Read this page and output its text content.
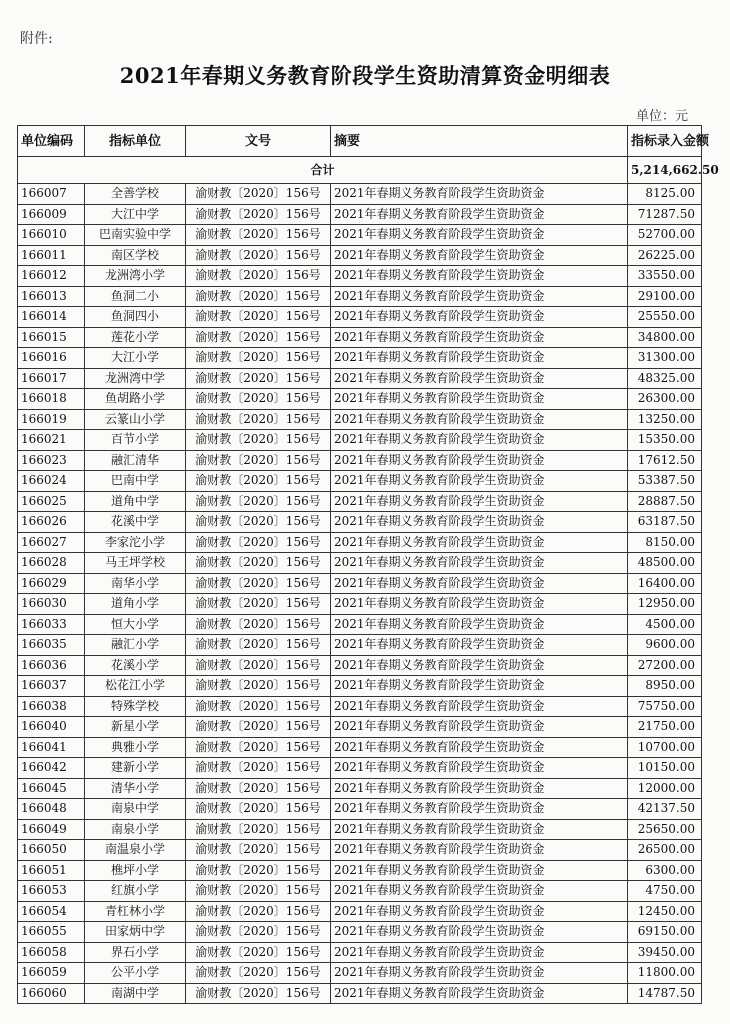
附件:
2021年春期义务教育阶段学生资助清算资金明细表
单位：元
单位编码	指标单位	文号	摘要	指标录入金额
合计				5,214,662.50
166007	全善学校	渝财教〔2020〕156号	2021年春期义务教育阶段学生资助资金	8125.00
166009	大江中学	渝财教〔2020〕156号	2021年春期义务教育阶段学生资助资金	71287.50
166010	巴南实验中学	渝财教〔2020〕156号	2021年春期义务教育阶段学生资助资金	52700.00
166011	南区学校	渝财教〔2020〕156号	2021年春期义务教育阶段学生资助资金	26225.00
166012	龙洲湾小学	渝财教〔2020〕156号	2021年春期义务教育阶段学生资助资金	33550.00
166013	鱼洞二小	渝财教〔2020〕156号	2021年春期义务教育阶段学生资助资金	29100.00
166014	鱼洞四小	渝财教〔2020〕156号	2021年春期义务教育阶段学生资助资金	25550.00
166015	莲花小学	渝财教〔2020〕156号	2021年春期义务教育阶段学生资助资金	34800.00
166016	大江小学	渝财教〔2020〕156号	2021年春期义务教育阶段学生资助资金	31300.00
166017	龙洲湾中学	渝财教〔2020〕156号	2021年春期义务教育阶段学生资助资金	48325.00
166018	鱼胡路小学	渝财教〔2020〕156号	2021年春期义务教育阶段学生资助资金	26300.00
166019	云篆山小学	渝财教〔2020〕156号	2021年春期义务教育阶段学生资助资金	13250.00
166021	百节小学	渝财教〔2020〕156号	2021年春期义务教育阶段学生资助资金	15350.00
166023	融汇清华	渝财教〔2020〕156号	2021年春期义务教育阶段学生资助资金	17612.50
166024	巴南中学	渝财教〔2020〕156号	2021年春期义务教育阶段学生资助资金	53387.50
166025	道角中学	渝财教〔2020〕156号	2021年春期义务教育阶段学生资助资金	28887.50
166026	花溪中学	渝财教〔2020〕156号	2021年春期义务教育阶段学生资助资金	63187.50
166027	李家沱小学	渝财教〔2020〕156号	2021年春期义务教育阶段学生资助资金	8150.00
166028	马王坪学校	渝财教〔2020〕156号	2021年春期义务教育阶段学生资助资金	48500.00
166029	南华小学	渝财教〔2020〕156号	2021年春期义务教育阶段学生资助资金	16400.00
166030	道角小学	渝财教〔2020〕156号	2021年春期义务教育阶段学生资助资金	12950.00
166033	恒大小学	渝财教〔2020〕156号	2021年春期义务教育阶段学生资助资金	4500.00
166035	融汇小学	渝财教〔2020〕156号	2021年春期义务教育阶段学生资助资金	9600.00
166036	花溪小学	渝财教〔2020〕156号	2021年春期义务教育阶段学生资助资金	27200.00
166037	松花江小学	渝财教〔2020〕156号	2021年春期义务教育阶段学生资助资金	8950.00
166038	特殊学校	渝财教〔2020〕156号	2021年春期义务教育阶段学生资助资金	75750.00
166040	新星小学	渝财教〔2020〕156号	2021年春期义务教育阶段学生资助资金	21750.00
166041	典雅小学	渝财教〔2020〕156号	2021年春期义务教育阶段学生资助资金	10700.00
166042	建新小学	渝财教〔2020〕156号	2021年春期义务教育阶段学生资助资金	10150.00
166045	清华小学	渝财教〔2020〕156号	2021年春期义务教育阶段学生资助资金	12000.00
166048	南泉中学	渝财教〔2020〕156号	2021年春期义务教育阶段学生资助资金	42137.50
166049	南泉小学	渝财教〔2020〕156号	2021年春期义务教育阶段学生资助资金	25650.00
166050	南温泉小学	渝财教〔2020〕156号	2021年春期义务教育阶段学生资助资金	26500.00
166051	樵坪小学	渝财教〔2020〕156号	2021年春期义务教育阶段学生资助资金	6300.00
166053	红旗小学	渝财教〔2020〕156号	2021年春期义务教育阶段学生资助资金	4750.00
166054	青杠林小学	渝财教〔2020〕156号	2021年春期义务教育阶段学生资助资金	12450.00
166055	田家炳中学	渝财教〔2020〕156号	2021年春期义务教育阶段学生资助资金	69150.00
166058	界石小学	渝财教〔2020〕156号	2021年春期义务教育阶段学生资助资金	39450.00
166059	公平小学	渝财教〔2020〕156号	2021年春期义务教育阶段学生资助资金	11800.00
166060	南湖中学	渝财教〔2020〕156号	2021年春期义务教育阶段学生资助资金	14787.50
